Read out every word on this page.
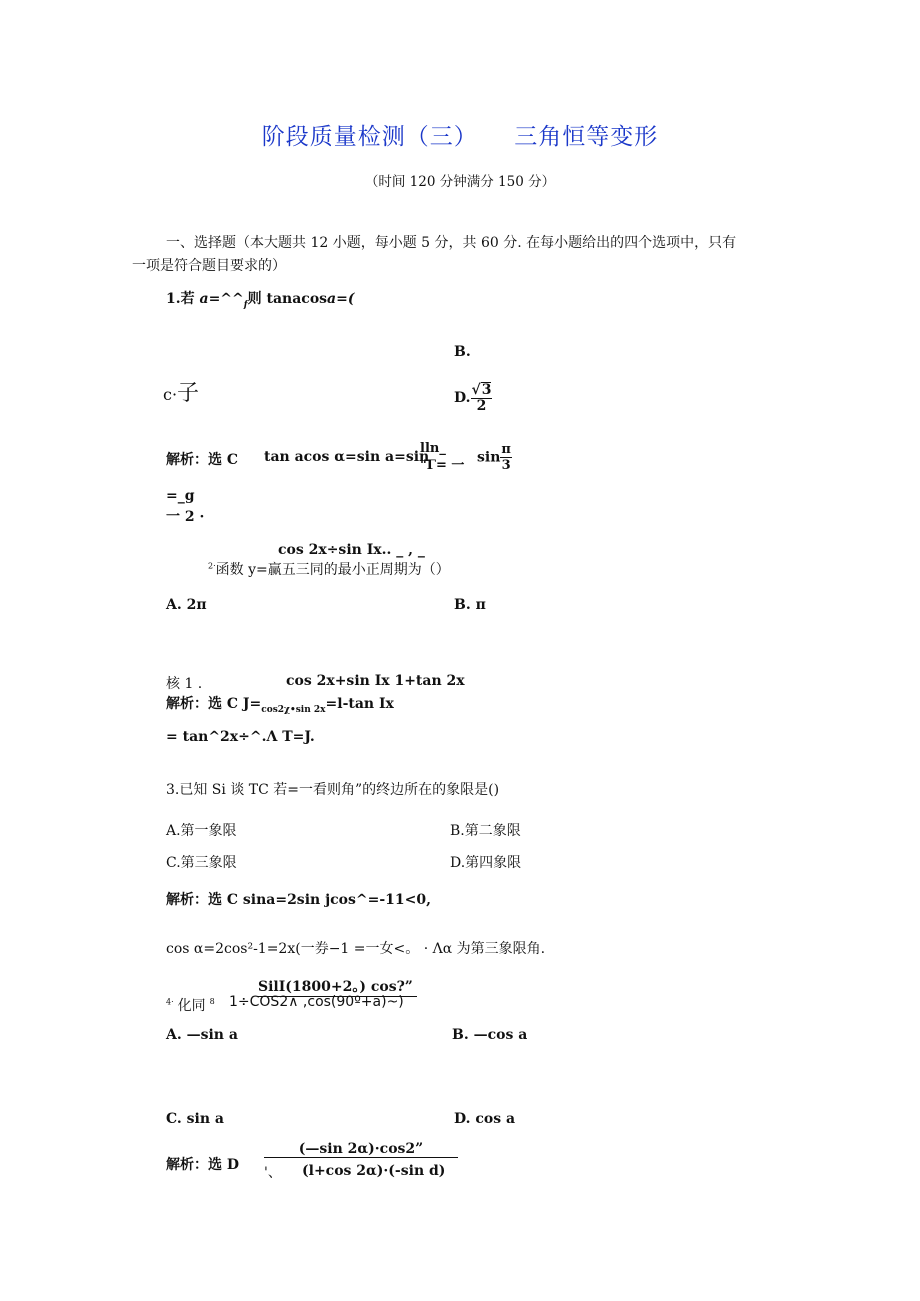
阶段质量检测（三）　　三角恒等变形
（时间 120 分钟满分 150 分）
一、选择题（本大题共 12 小题，每小题 5 分，共 60 分. 在每小题给出的四个选项中，只有
一项是符合题目要求的）
1.若 $a=\^{}\^{}_f$则 tanacosa=(
B.
c·子	D. $\frac{√3}{2}$
解析：选 C tan acos α=sin a=sin
lln_
"Γ= 一 $\sin \frac{\pi}{3}$
=_g
一 2 ·
cos 2x÷sin Ix.. _ , _
$^{2\cdot}$函数 y=赢五三同的最小正周期为（）
A. 2π	B. π
核 1 .	cos 2x+sin Ix 1+tan 2x
解析：选 C $J=_{cos2\chi•sin 2x}=l-\tan$ Ix
= tan^2x÷^.Λ T=J.
3.已知 Si 谈 TC 若=一看则角”的终边所在的象限是()
A.第一象限	B.第二象限
C.第三象限	D.第四象限
解析：选 C sina=2sin jcos^=-11<0,
cos α=2cos²-1=2x(一券−1 =一女<。 · Λα 为第三象限角.
SilI(1800+2。) cos?”
$^{4\cdot}$ 化同 $^8$ 1÷COS2∧ ,cos(90º+a)~)
A. —sin a	B. —cos a
C. sin a	D. cos a
解析：选 D
(—sin 2α)·cos2”
'、 (l+cos 2α)·(-sin d)
